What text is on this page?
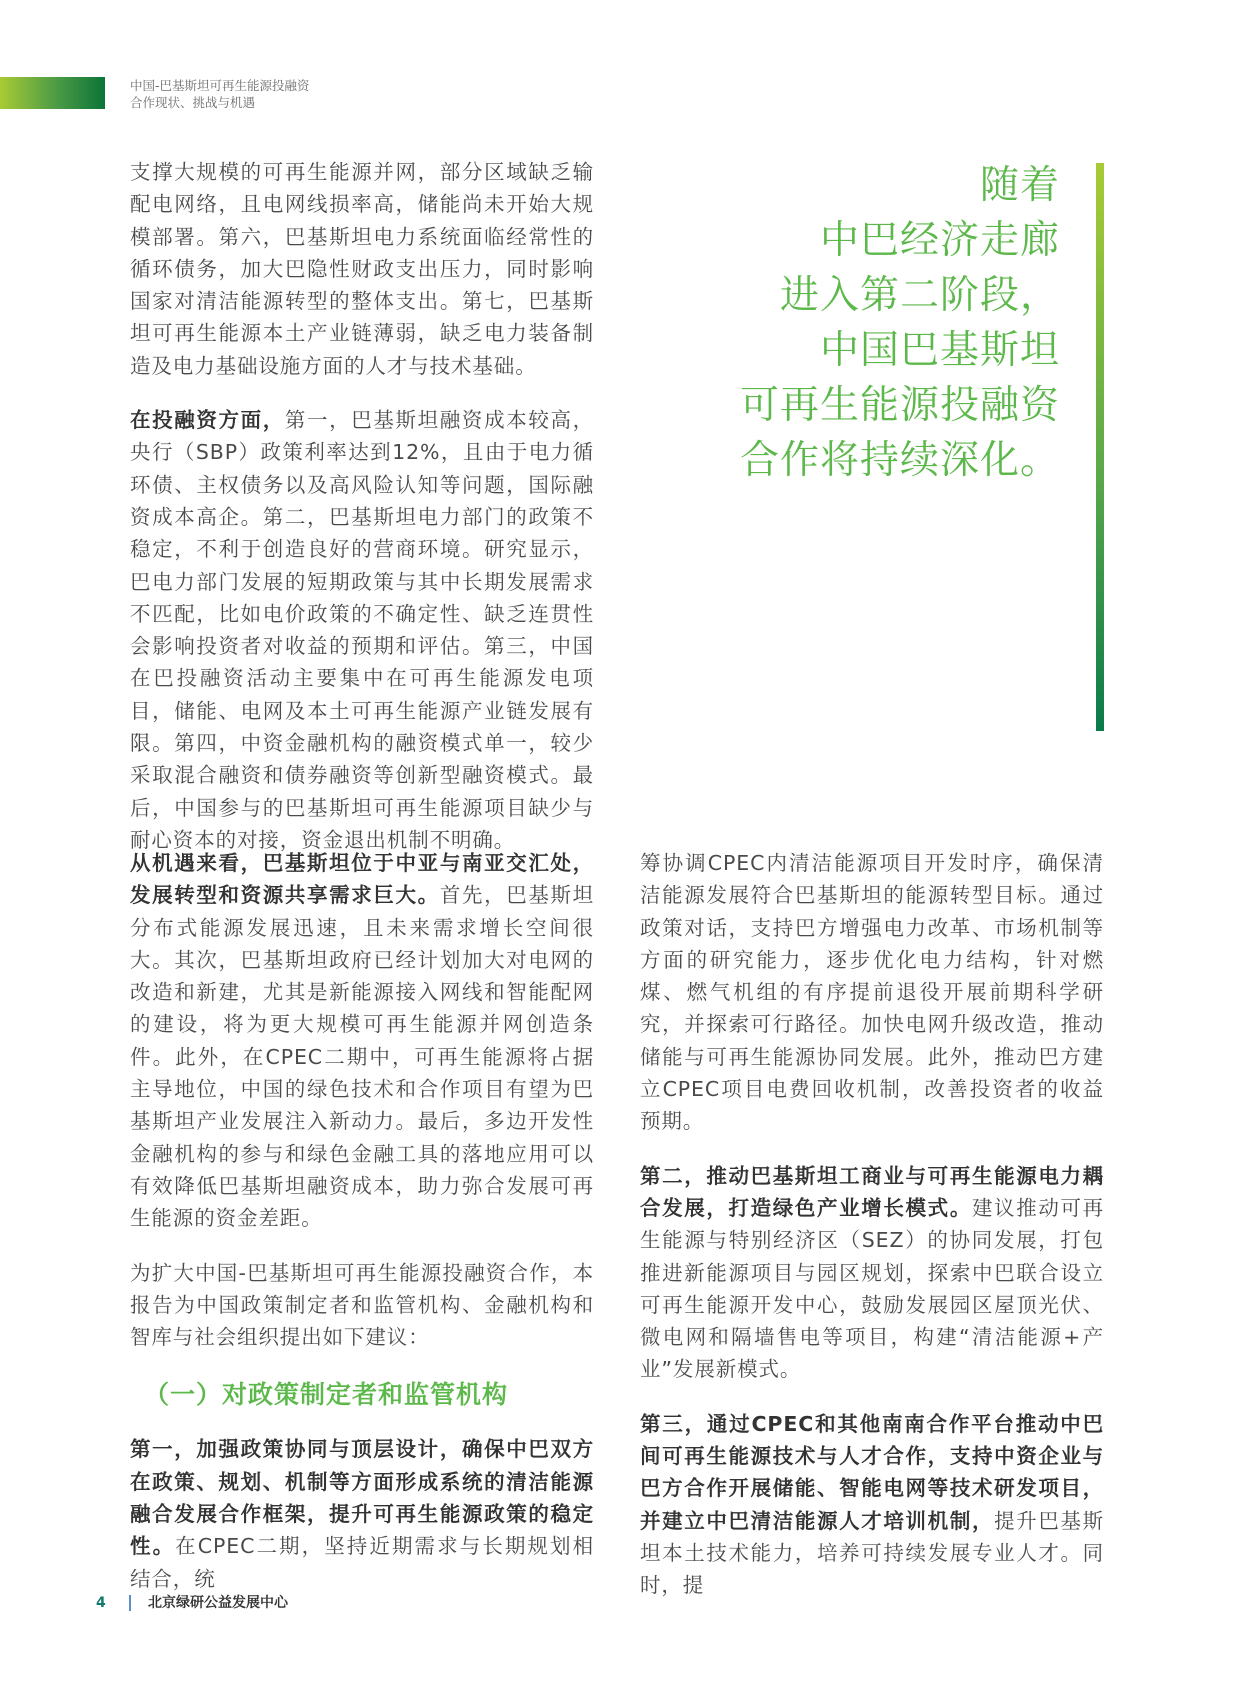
中国-巴基斯坦可再生能源投融资
合作现状、挑战与机遇

支撑大规模的可再生能源并网，部分区域缺乏输配电网络，且电网线损率高，储能尚未开始大规模部署。第六，巴基斯坦电力系统面临经常性的循环债务，加大巴隐性财政支出压力，同时影响国家对清洁能源转型的整体支出。第七，巴基斯坦可再生能源本土产业链薄弱，缺乏电力装备制造及电力基础设施方面的人才与技术基础。

在投融资方面，第一，巴基斯坦融资成本较高，央行（SBP）政策利率达到12%，且由于电力循环债、主权债务以及高风险认知等问题，国际融资成本高企。第二，巴基斯坦电力部门的政策不稳定，不利于创造良好的营商环境。研究显示，巴电力部门发展的短期政策与其中长期发展需求不匹配，比如电价政策的不确定性、缺乏连贯性会影响投资者对收益的预期和评估。第三，中国在巴投融资活动主要集中在可再生能源发电项目，储能、电网及本土可再生能源产业链发展有限。第四，中资金融机构的融资模式单一，较少采取混合融资和债券融资等创新型融资模式。最后，中国参与的巴基斯坦可再生能源项目缺少与耐心资本的对接，资金退出机制不明确。

随着
中巴经济走廊
进入第二阶段，
中国巴基斯坦
可再生能源投融资
合作将持续深化。

从机遇来看，巴基斯坦位于中亚与南亚交汇处，发展转型和资源共享需求巨大。首先，巴基斯坦分布式能源发展迅速，且未来需求增长空间很大。其次，巴基斯坦政府已经计划加大对电网的改造和新建，尤其是新能源接入网线和智能配网的建设，将为更大规模可再生能源并网创造条件。此外，在CPEC二期中，可再生能源将占据主导地位，中国的绿色技术和合作项目有望为巴基斯坦产业发展注入新动力。最后，多边开发性金融机构的参与和绿色金融工具的落地应用可以有效降低巴基斯坦融资成本，助力弥合发展可再生能源的资金差距。

为扩大中国-巴基斯坦可再生能源投融资合作，本报告为中国政策制定者和监管机构、金融机构和智库与社会组织提出如下建议：

（一）对政策制定者和监管机构

第一，加强政策协同与顶层设计，确保中巴双方在政策、规划、机制等方面形成系统的清洁能源融合发展合作框架，提升可再生能源政策的稳定性。在CPEC二期，坚持近期需求与长期规划相结合，统

筹协调CPEC内清洁能源项目开发时序，确保清洁能源发展符合巴基斯坦的能源转型目标。通过政策对话，支持巴方增强电力改革、市场机制等方面的研究能力，逐步优化电力结构，针对燃煤、燃气机组的有序提前退役开展前期科学研究，并探索可行路径。加快电网升级改造，推动储能与可再生能源协同发展。此外，推动巴方建立CPEC项目电费回收机制，改善投资者的收益预期。

第二，推动巴基斯坦工商业与可再生能源电力耦合发展，打造绿色产业增长模式。建议推动可再生能源与特别经济区（SEZ）的协同发展，打包推进新能源项目与园区规划，探索中巴联合设立可再生能源开发中心，鼓励发展园区屋顶光伏、微电网和隔墙售电等项目，构建“清洁能源+产业”发展新模式。

第三，通过CPEC和其他南南合作平台推动中巴间可再生能源技术与人才合作，支持中资企业与巴方合作开展储能、智能电网等技术研发项目，并建立中巴清洁能源人才培训机制，提升巴基斯坦本土技术能力，培养可持续发展专业人才。同时，提

4	北京绿研公益发展中心
